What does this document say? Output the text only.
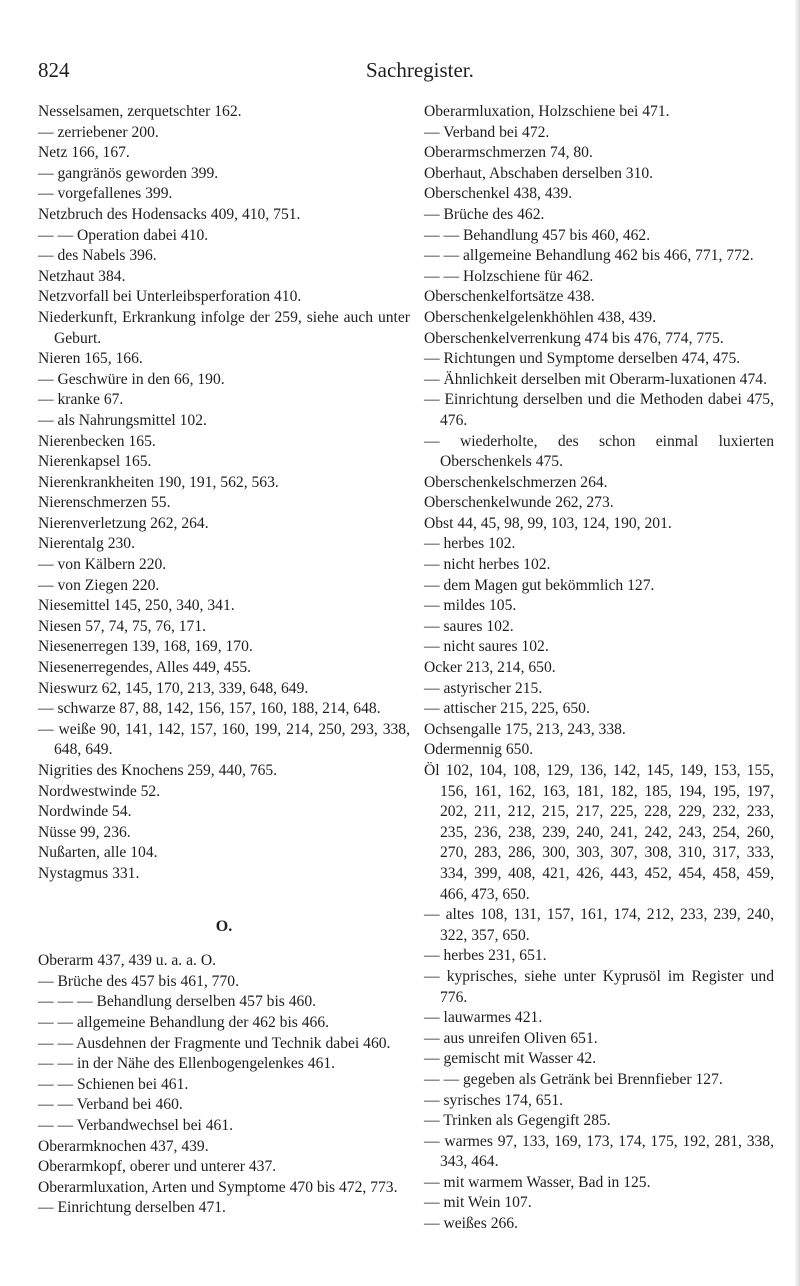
824	Sachregister.

Nesselsamen, zerquetschter 162.

— zerriebener 200.

Netz 166, 167.

— gangränös geworden 399.

— vorgefallenes 399.

Netzbruch des Hodensacks 409, 410, 751.

— — Operation dabei 410.

— des Nabels 396.

Netzhaut 384.

Netzvorfall bei Unterleibsperforation 410.

Niederkunft, Erkrankung infolge der 259, siehe auch unter Geburt.

Nieren 165, 166.

— Geschwüre in den 66, 190.

— kranke 67.

— als Nahrungsmittel 102.

Nierenbecken 165.

Nierenkapsel 165.

Nierenkrankheiten 190, 191, 562, 563.

Nierenschmerzen 55.

Nierenverletzung 262, 264.

Nierentalg 230.

— von Kälbern 220.

— von Ziegen 220.

Niesemittel 145, 250, 340, 341.

Niesen 57, 74, 75, 76, 171.

Niesenerregen 139, 168, 169, 170.

Niesenerregendes, Alles 449, 455.

Nieswurz 62, 145, 170, 213, 339, 648, 649.

— schwarze 87, 88, 142, 156, 157, 160, 188, 214, 648.

— weiße 90, 141, 142, 157, 160, 199, 214, 250, 293, 338, 648, 649.

Nigrities des Knochens 259, 440, 765.

Nordwestwinde 52.

Nordwinde 54.

Nüsse 99, 236.

Nußarten, alle 104.

Nystagmus 331.

O.

Oberarm 437, 439 u. a. a. O.

— Brüche des 457 bis 461, 770.

— — — Behandlung derselben 457 bis 460.

— — allgemeine Behandlung der 462 bis 466.

— — Ausdehnen der Fragmente und Technik dabei 460.

— — in der Nähe des Ellenbogengelenkes 461.

— — Schienen bei 461.

— — Verband bei 460.

— — Verbandwechsel bei 461.

Oberarmknochen 437, 439.

Oberarmkopf, oberer und unterer 437.

Oberarmluxation, Arten und Symptome 470 bis 472, 773.

— Einrichtung derselben 471.

Oberarmluxation, Holzschiene bei 471.

— Verband bei 472.

Oberarmschmerzen 74, 80.

Oberhaut, Abschaben derselben 310.

Oberschenkel 438, 439.

— Brüche des 462.

— — Behandlung 457 bis 460, 462.

— — allgemeine Behandlung 462 bis 466, 771, 772.

— — Holzschiene für 462.

Oberschenkelfortsätze 438.

Oberschenkelgelenkhöhlen 438, 439.

Oberschenkelverrenkung 474 bis 476, 774, 775.

— Richtungen und Symptome derselben 474, 475.

— Ähnlichkeit derselben mit Oberarm-luxationen 474.

— Einrichtung derselben und die Methoden dabei 475, 476.

— wiederholte, des schon einmal luxierten Oberschenkels 475.

Oberschenkelschmerzen 264.

Oberschenkelwunde 262, 273.

Obst 44, 45, 98, 99, 103, 124, 190, 201.

— herbes 102.

— nicht herbes 102.

— dem Magen gut bekömmlich 127.

— mildes 105.

— saures 102.

— nicht saures 102.

Ocker 213, 214, 650.

— astyrischer 215.

— attischer 215, 225, 650.

Ochsengalle 175, 213, 243, 338.

Odermennig 650.

Öl 102, 104, 108, 129, 136, 142, 145, 149, 153, 155, 156, 161, 162, 163, 181, 182, 185, 194, 195, 197, 202, 211, 212, 215, 217, 225, 228, 229, 232, 233, 235, 236, 238, 239, 240, 241, 242, 243, 254, 260, 270, 283, 286, 300, 303, 307, 308, 310, 317, 333, 334, 399, 408, 421, 426, 443, 452, 454, 458, 459, 466, 473, 650.

— altes 108, 131, 157, 161, 174, 212, 233, 239, 240, 322, 357, 650.

— herbes 231, 651.

— kyprisches, siehe unter Kyprusöl im Register und 776.

— lauwarmes 421.

— aus unreifen Oliven 651.

— gemischt mit Wasser 42.

— — gegeben als Getränk bei Brennfieber 127.

— syrisches 174, 651.

— Trinken als Gegengift 285.

— warmes 97, 133, 169, 173, 174, 175, 192, 281, 338, 343, 464.

— mit warmem Wasser, Bad in 125.

— mit Wein 107.

— weißes 266.
